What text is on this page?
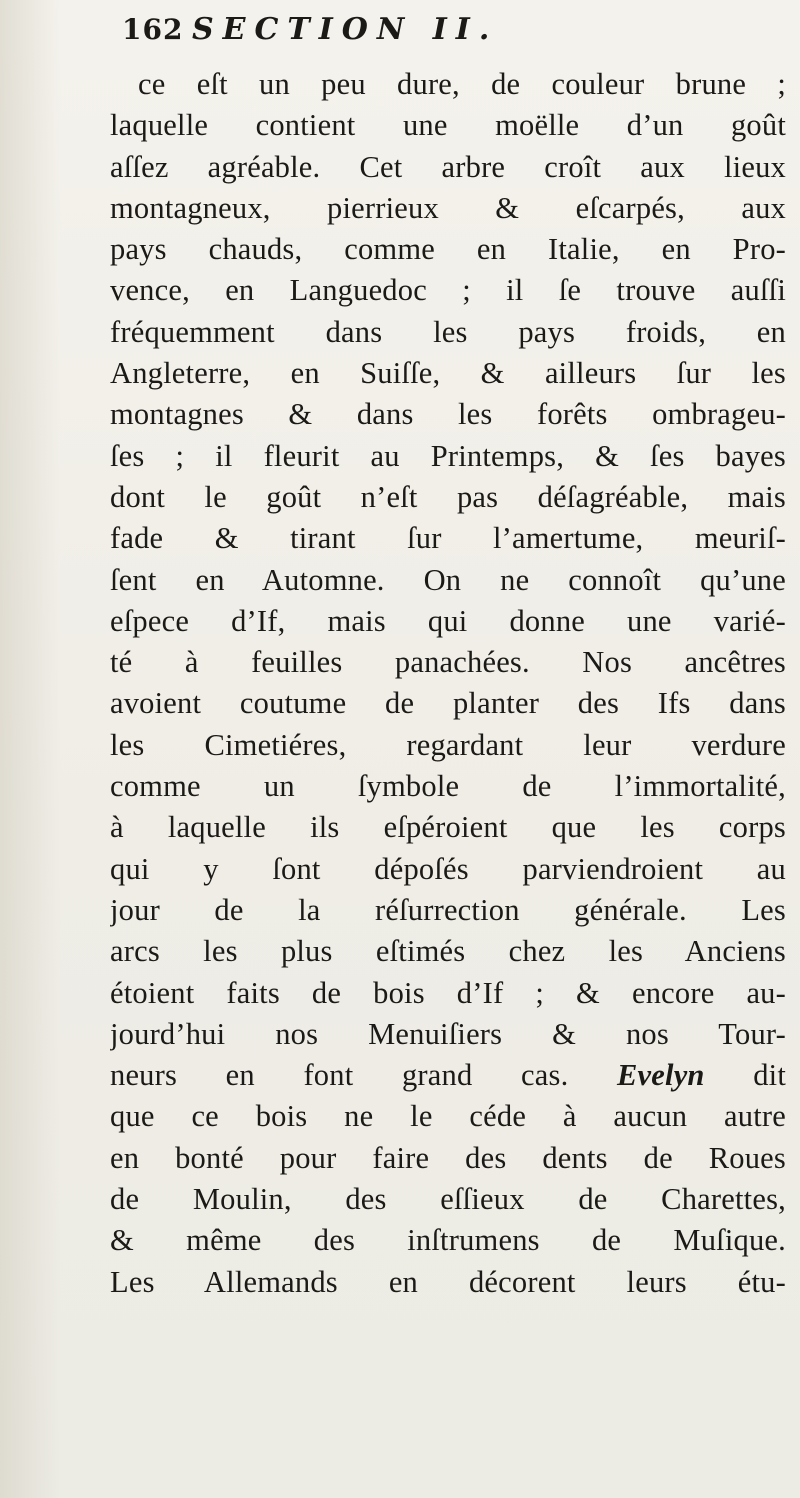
162 SECTION II.
ce eſt un peu dure, de couleur brune ;
laquelle contient une moëlle d’un goût
aſſez agréable. Cet arbre croît aux lieux
montagneux, pierrieux & eſcarpés, aux
pays chauds, comme en Italie, en Pro-
vence, en Languedoc ; il ſe trouve auſſi
fréquemment dans les pays froids, en
Angleterre, en Suiſſe, & ailleurs ſur les
montagnes & dans les forêts ombrageu-
ſes ; il fleurit au Printemps, & ſes bayes
dont le goût n’eſt pas déſagréable, mais
fade & tirant ſur l’amertume, meuriſ-
ſent en Automne. On ne connoît qu’une
eſpece d’If, mais qui donne une varié-
té à feuilles panachées. Nos ancêtres
avoient coutume de planter des Ifs dans
les Cimetiéres, regardant leur verdure
comme un ſymbole de l’immortalité,
à laquelle ils eſpéroient que les corps
qui y ſont dépoſés parviendroient au
jour de la réſurrection générale. Les
arcs les plus eſtimés chez les Anciens
étoient faits de bois d’If ; & encore au-
jourd’hui nos Menuiſiers & nos Tour-
neurs en font grand cas. Evelyn dit
que ce bois ne le céde à aucun autre
en bonté pour faire des dents de Roues
de Moulin, des eſſieux de Charettes,
& même des inſtrumens de Muſique.
Les Allemands en décorent leurs étu-
